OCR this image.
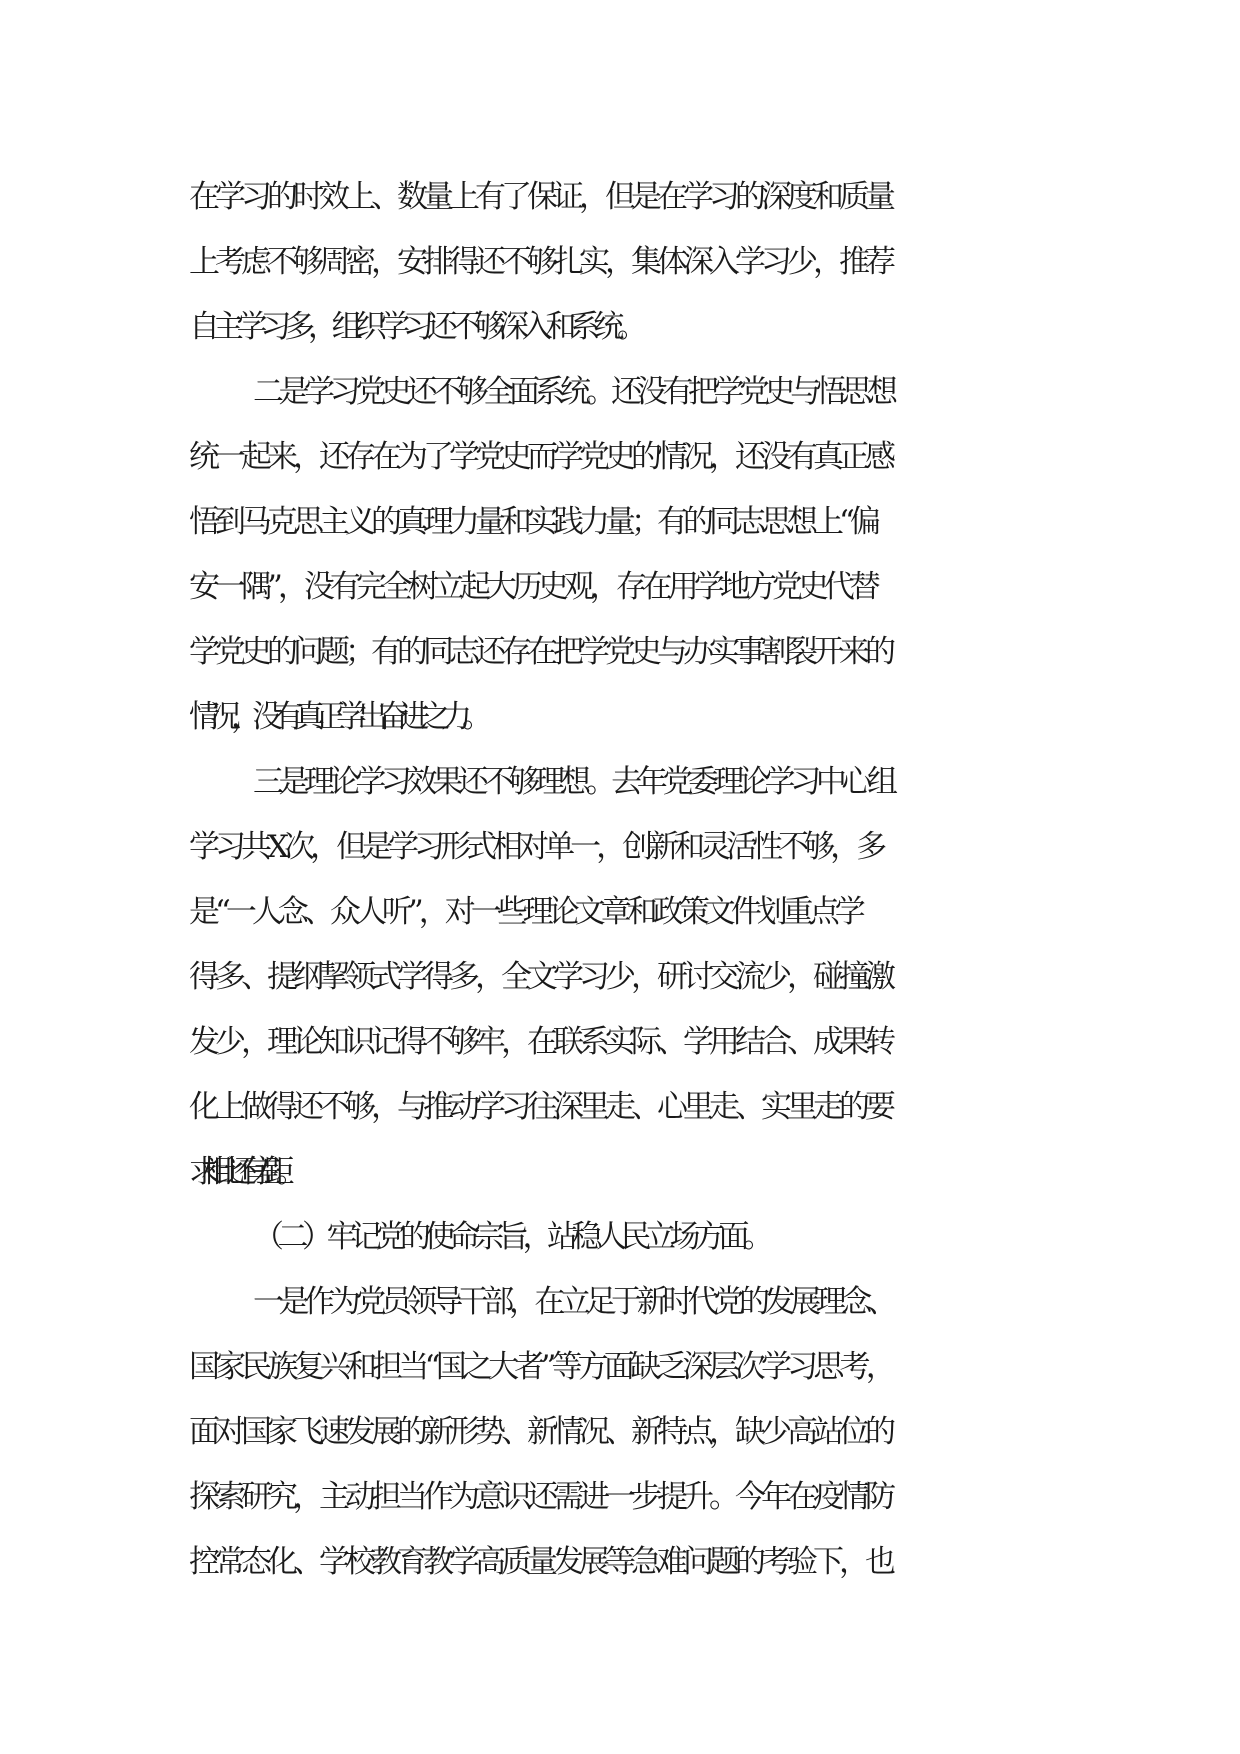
在学习的时效上、数量上有了保证，但是在学习的深度和质量
上考虑不够周密，安排得还不够扎实，集体深入学习少，推荐
自主学习多，组织学习还不够深入和系统。
二是学习党史还不够全面系统。还没有把学党史与悟思想
统一起来，还存在为了学党史而学党史的情况，还没有真正感
悟到马克思主义的真理力量和实践力量；有的同志思想上“偏
安一隅”，没有完全树立起大历史观，存在用学地方党史代替
学党史的问题；有的同志还存在把学党史与办实事割裂开来的
情况，没有真正学出奋进之力。
三是理论学习效果还不够理想。去年党委理论学习中心组
学习共X次，但是学习形式相对单一，创新和灵活性不够，多
是“一人念、众人听”，对一些理论文章和政策文件划重点学
得多、提纲挈领式学得多，全文学习少，研讨交流少，碰撞激
发少，理论知识记得不够牢，在联系实际、学用结合、成果转
化上做得还不够，与推动学习往深里走、心里走、实里走的要
求相比还有差距。
（二）牢记党的使命宗旨，站稳人民立场方面。
一是作为党员领导干部，在立足于新时代党的发展理念、
国家民族复兴和担当“国之大者”等方面缺乏深层次学习思考，
面对国家飞速发展的新形势、新情况、新特点，缺少高站位的
探索研究，主动担当作为意识还需进一步提升。今年在疫情防
控常态化、学校教育教学高质量发展等急难问题的考验下，也
